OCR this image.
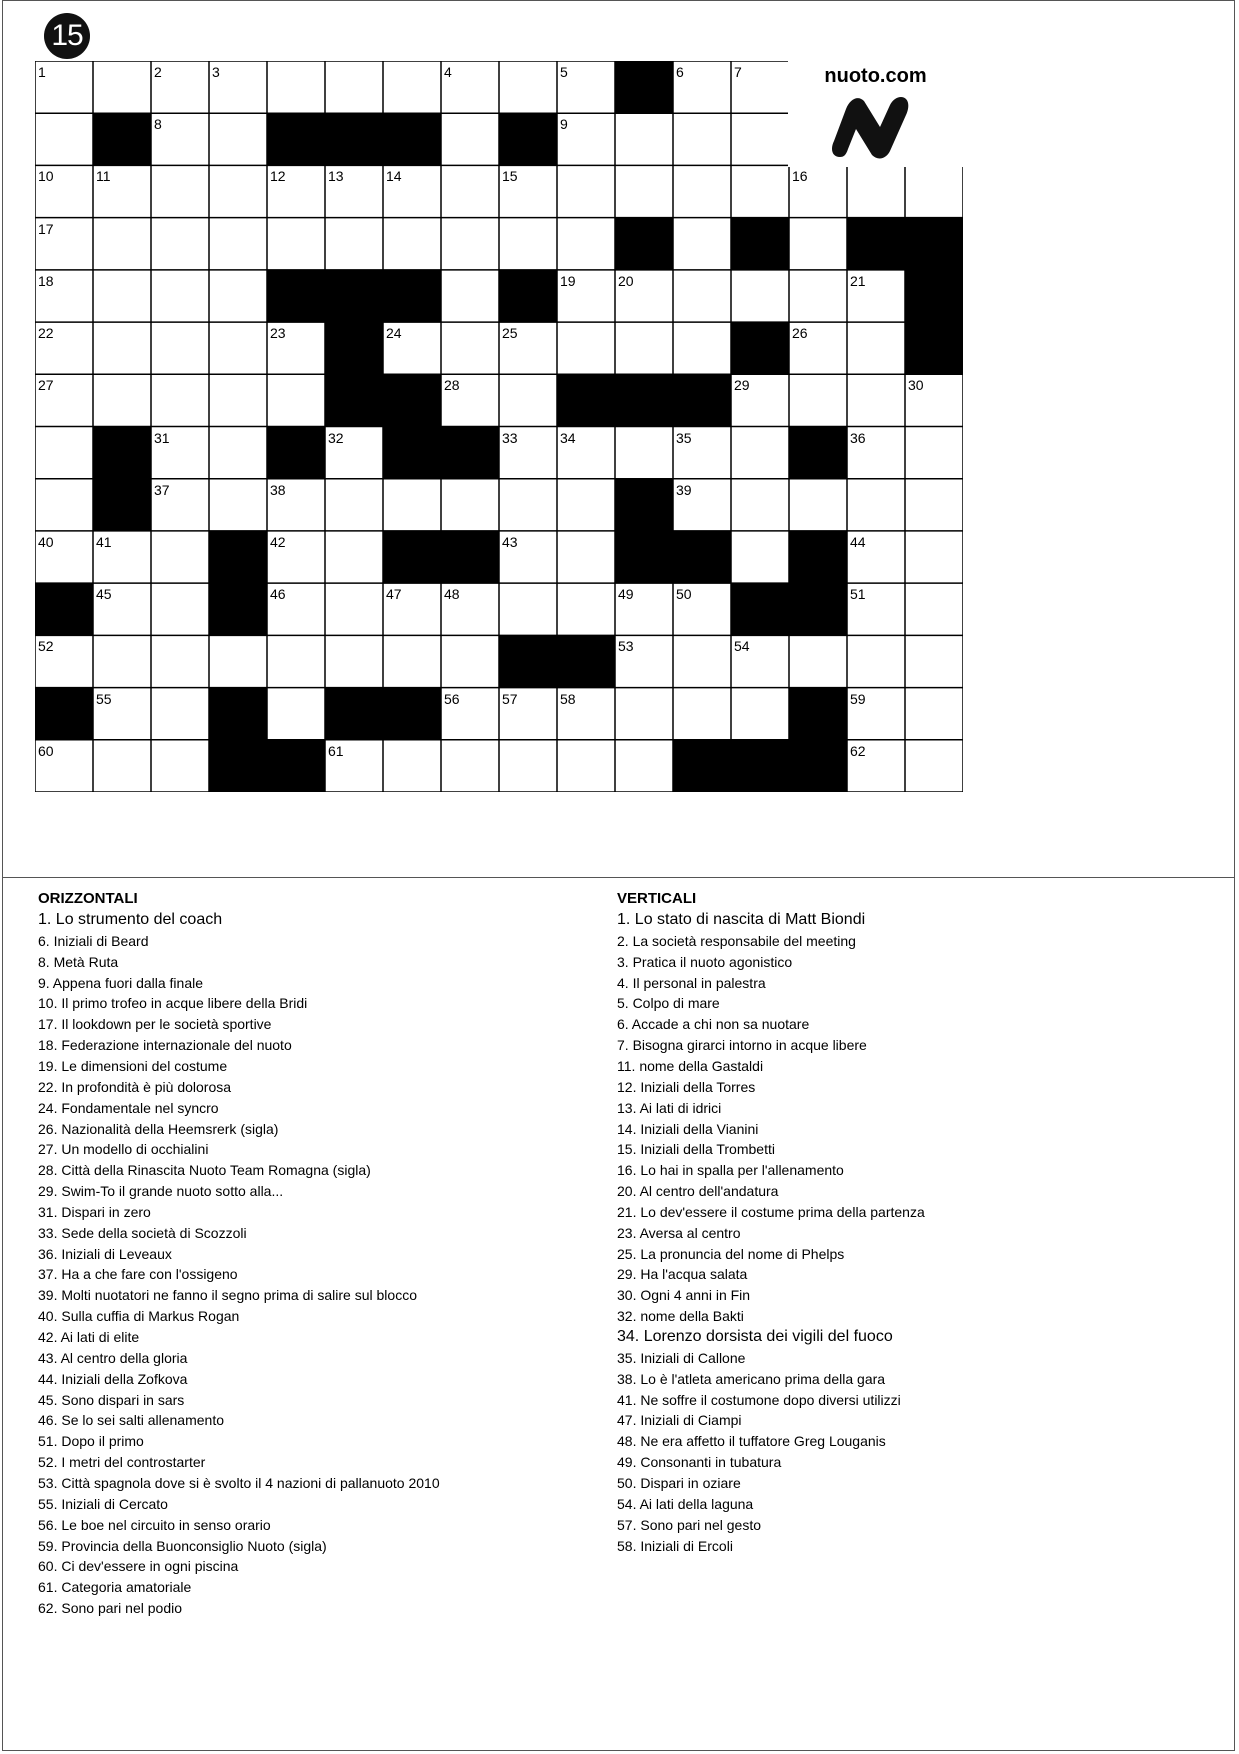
15
1	2	3	4	5	6	7
8	9
10	11	12	13	14	15	16
17
18	19	20	21
22	23	24	25	26
27	28	29	30
31	32	33	34	35	36
37	38	39
40	41	42	43	44
45	46	47	48	49	50	51
52	53	54
55	56	57	58	59
60	61	62
nuoto.com
ORIZZONTALI
1. Lo strumento del coach
6. Iniziali di Beard
8. Metà Ruta
9. Appena fuori dalla finale
10. Il primo trofeo in acque libere della Bridi
17. Il lookdown per le società sportive
18. Federazione internazionale del nuoto
19. Le dimensioni del costume
22. In profondità è più dolorosa
24. Fondamentale nel syncro
26. Nazionalità della Heemsrerk (sigla)
27. Un modello di occhialini
28. Città della Rinascita Nuoto Team Romagna (sigla)
29. Swim-To il grande nuoto sotto alla...
31. Dispari in zero
33. Sede della società di Scozzoli
36. Iniziali di Leveaux
37. Ha a che fare con l'ossigeno
39. Molti nuotatori ne fanno il segno prima di salire sul blocco
40. Sulla cuffia di Markus Rogan
42. Ai lati di elite
43. Al centro della gloria
44. Iniziali della Zofkova
45. Sono dispari in sars
46. Se lo sei salti allenamento
51. Dopo il primo
52. I metri del controstarter
53. Città spagnola dove si è svolto il 4 nazioni di pallanuoto 2010
55. Iniziali di Cercato
56. Le boe nel circuito in senso orario
59. Provincia della Buonconsiglio Nuoto (sigla)
60. Ci dev'essere in ogni piscina
61. Categoria amatoriale
62. Sono pari nel podio
VERTICALI
1. Lo stato di nascita di Matt Biondi
2. La società responsabile del meeting
3. Pratica il nuoto agonistico
4. Il personal in palestra
5. Colpo di mare
6. Accade a chi non sa nuotare
7. Bisogna girarci intorno in acque libere
11. nome della Gastaldi
12. Iniziali della Torres
13. Ai lati di idrici
14. Iniziali della Vianini
15. Iniziali della Trombetti
16. Lo hai in spalla per l'allenamento
20. Al centro dell'andatura
21. Lo dev'essere il costume prima della partenza
23. Aversa al centro
25. La pronuncia del nome di Phelps
29. Ha l'acqua salata
30. Ogni 4 anni in Fin
32. nome della Bakti
34. Lorenzo dorsista dei vigili del fuoco
35. Iniziali di Callone
38. Lo è l'atleta americano prima della gara
41. Ne soffre il costumone dopo diversi utilizzi
47. Iniziali di Ciampi
48. Ne era affetto il tuffatore Greg Louganis
49. Consonanti in tubatura
50. Dispari in oziare
54. Ai lati della laguna
57. Sono pari nel gesto
58. Iniziali di Ercoli
